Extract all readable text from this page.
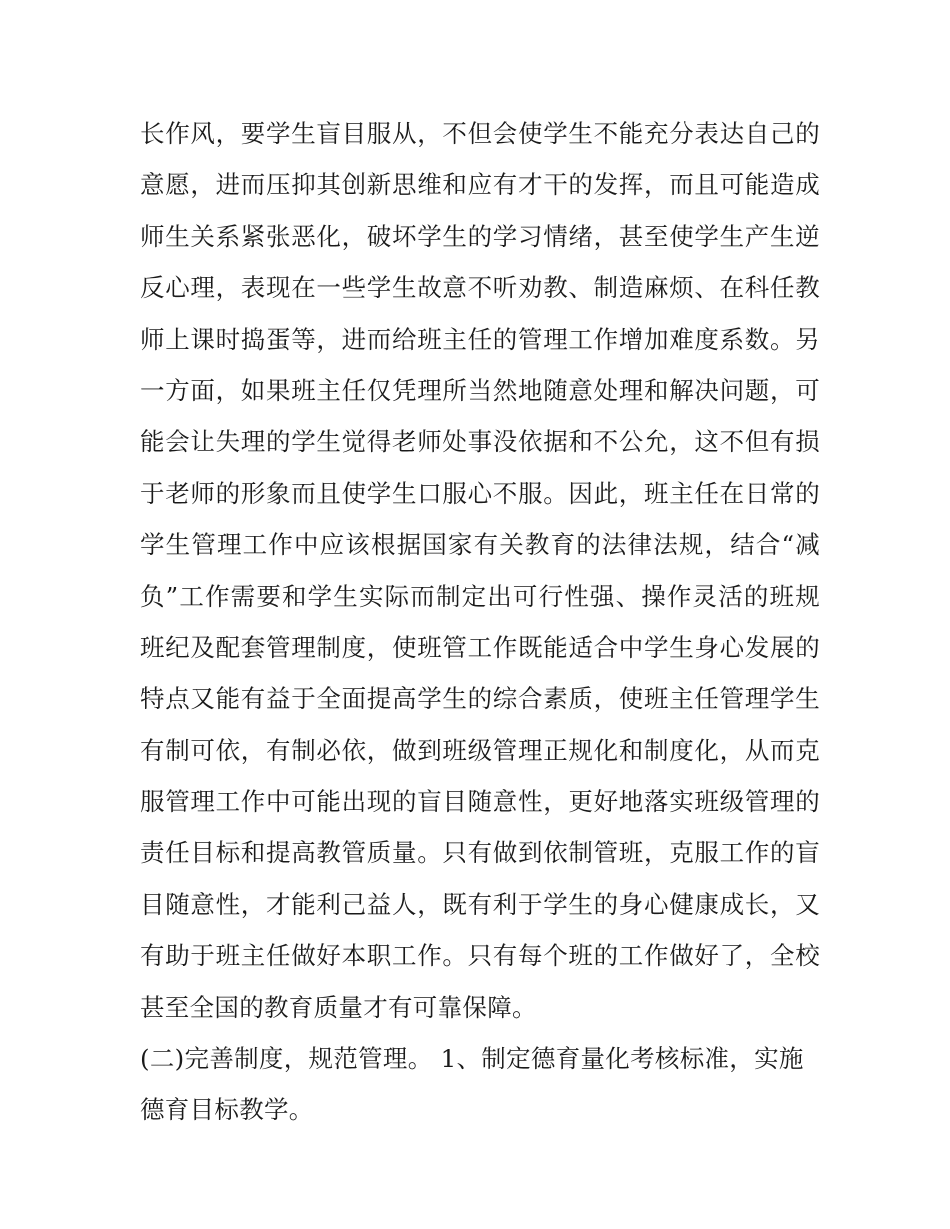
长作风，要学生盲目服从，不但会使学生不能充分表达自己的
意愿，进而压抑其创新思维和应有才干的发挥，而且可能造成
师生关系紧张恶化，破坏学生的学习情绪，甚至使学生产生逆
反心理，表现在一些学生故意不听劝教、制造麻烦、在科任教
师上课时捣蛋等，进而给班主任的管理工作增加难度系数。另
一方面，如果班主任仅凭理所当然地随意处理和解决问题，可
能会让失理的学生觉得老师处事没依据和不公允，这不但有损
于老师的形象而且使学生口服心不服。因此，班主任在日常的
学生管理工作中应该根据国家有关教育的法律法规，结合“减
负”工作需要和学生实际而制定出可行性强、操作灵活的班规
班纪及配套管理制度，使班管工作既能适合中学生身心发展的
特点又能有益于全面提高学生的综合素质，使班主任管理学生
有制可依，有制必依，做到班级管理正规化和制度化，从而克
服管理工作中可能出现的盲目随意性，更好地落实班级管理的
责任目标和提高教管质量。只有做到依制管班，克服工作的盲
目随意性，才能利己益人，既有利于学生的身心健康成长，又
有助于班主任做好本职工作。只有每个班的工作做好了，全校
甚至全国的教育质量才有可靠保障。
(二)完善制度，规范管理。 1、制定德育量化考核标准，实施
德育目标教学。
